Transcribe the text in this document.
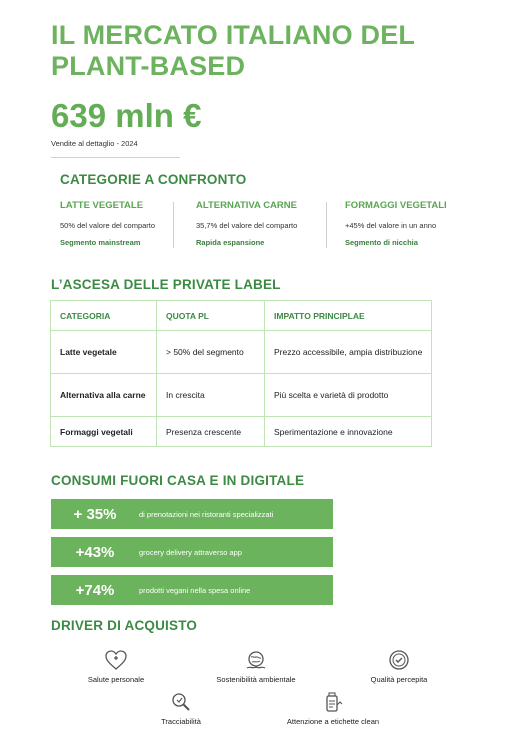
IL MERCATO ITALIANO DEL PLANT-BASED
639 mln €
Vendite al dettaglio - 2024
CATEGORIE A CONFRONTO
LATTE VEGETALE
50% del valore del comparto
Segmento mainstream
ALTERNATIVA CARNE
35,7% del valore del comparto
Rapida espansione
FORMAGGI VEGETALI
+45% del valore in un anno
Segmento di nicchia
L’ASCESA DELLE PRIVATE LABEL
CATEGORIA	QUOTA PL	IMPATTO PRINCIPLAE
Latte vegetale	> 50% del segmento	Prezzo accessibile, ampia distribuzione
Alternativa alla carne	In crescita	Più scelta e varietà di prodotto
Formaggi vegetali	Presenza crescente	Sperimentazione e innovazione
CONSUMI FUORI CASA E IN DIGITALE
+ 35%	di prenotazioni nei ristoranti specializzati
+43%	grocery delivery attraverso app
+74%	prodotti vegani nella spesa online
DRIVER DI ACQUISTO
Salute personale	Sostenibilità ambientale	Qualità percepita
Tracciabilità	Attenzione a etichette clean
